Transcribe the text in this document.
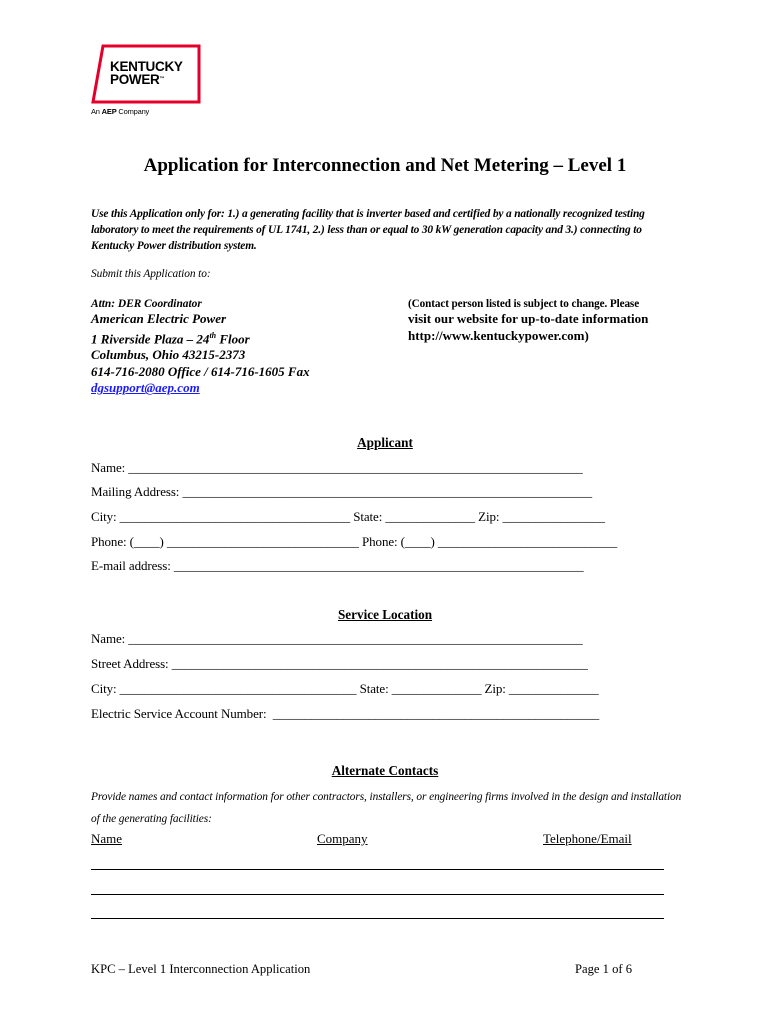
KENTUCKY
POWER™
An AEP Company
Application for Interconnection and Net Metering – Level 1
Use this Application only for: 1.) a generating facility that is inverter based and certified by a nationally recognized testing laboratory to meet the requirements of UL 1741, 2.) less than or equal to 30 kW generation capacity and 3.) connecting to Kentucky Power distribution system.
Submit this Application to:
Attn: DER Coordinator
American Electric Power
1 Riverside Plaza – 24th Floor
Columbus, Ohio 43215-2373
614-716-2080 Office / 614-716-1605 Fax
dgsupport@aep.com
(Contact person listed is subject to change. Please
visit our website for up-to-date information
http://www.kentuckypower.com)
Applicant
Name: _______________________________________________________________________
Mailing Address: ________________________________________________________________
City: ____________________________________ State: ______________ Zip: ________________
Phone: (____) ______________________________ Phone: (____) ____________________________
E-mail address: ________________________________________________________________
Service Location
Name: _______________________________________________________________________
Street Address: _________________________________________________________________
City: _____________________________________ State: ______________ Zip: ______________
Electric Service Account Number:  ___________________________________________________
Alternate Contacts
Provide names and contact information for other contractors, installers, or engineering firms involved in the design and installation of the generating facilities:
Name	Company	Telephone/Email
KPC – Level 1 Interconnection Application	Page 1 of 6
